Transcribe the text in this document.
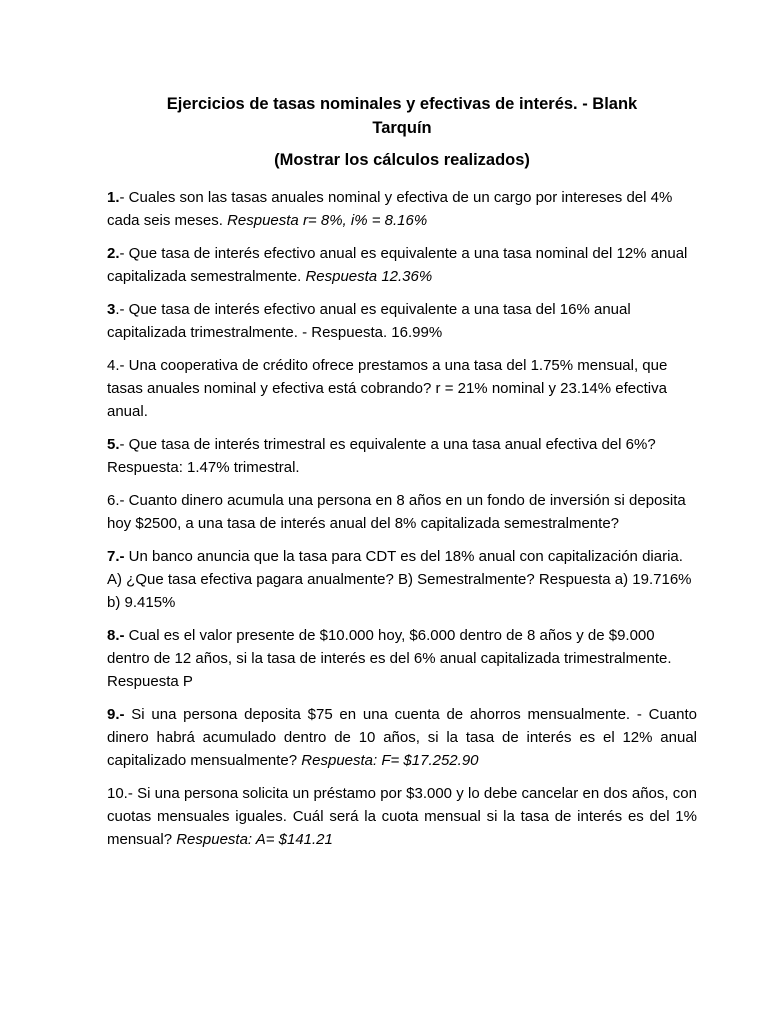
Ejercicios de tasas nominales y efectivas de interés. - Blank

Tarquín

(Mostrar los cálculos realizados)

1.- Cuales son las tasas anuales nominal y efectiva de un cargo por intereses del 4% cada seis meses. Respuesta r= 8%, i% = 8.16%

2.- Que tasa de interés efectivo anual es equivalente a una tasa nominal del 12% anual capitalizada semestralmente. Respuesta 12.36%

3.- Que tasa de interés efectivo anual es equivalente a una tasa del 16% anual capitalizada trimestralmente. - Respuesta. 16.99%

4.- Una cooperativa de crédito ofrece prestamos a una tasa del 1.75% mensual, que tasas anuales nominal y efectiva está cobrando? r = 21% nominal y 23.14% efectiva anual.

5.- Que tasa de interés trimestral es equivalente a una tasa anual efectiva del 6%? Respuesta: 1.47% trimestral.

6.- Cuanto dinero acumula una persona en 8 años en un fondo de inversión si deposita hoy $2500, a una tasa de interés anual del 8% capitalizada semestralmente?

7.- Un banco anuncia que la tasa para CDT es del 18% anual con capitalización diaria. A) ¿Que tasa efectiva pagara anualmente? B) Semestralmente? Respuesta a) 19.716% b) 9.415%

8.- Cual es el valor presente de $10.000 hoy, $6.000 dentro de 8 años y de $9.000 dentro de 12 años, si la tasa de interés es del 6% anual capitalizada trimestralmente. Respuesta P

9.- Si una persona deposita $75 en una cuenta de ahorros mensualmente. - Cuanto dinero habrá acumulado dentro de 10 años, si la tasa de interés es el 12% anual capitalizado mensualmente? Respuesta: F= $17.252.90

10.- Si una persona solicita un préstamo por $3.000 y lo debe cancelar en dos años, con cuotas mensuales iguales. Cuál será la cuota mensual si la tasa de interés es del 1% mensual? Respuesta: A= $141.21
